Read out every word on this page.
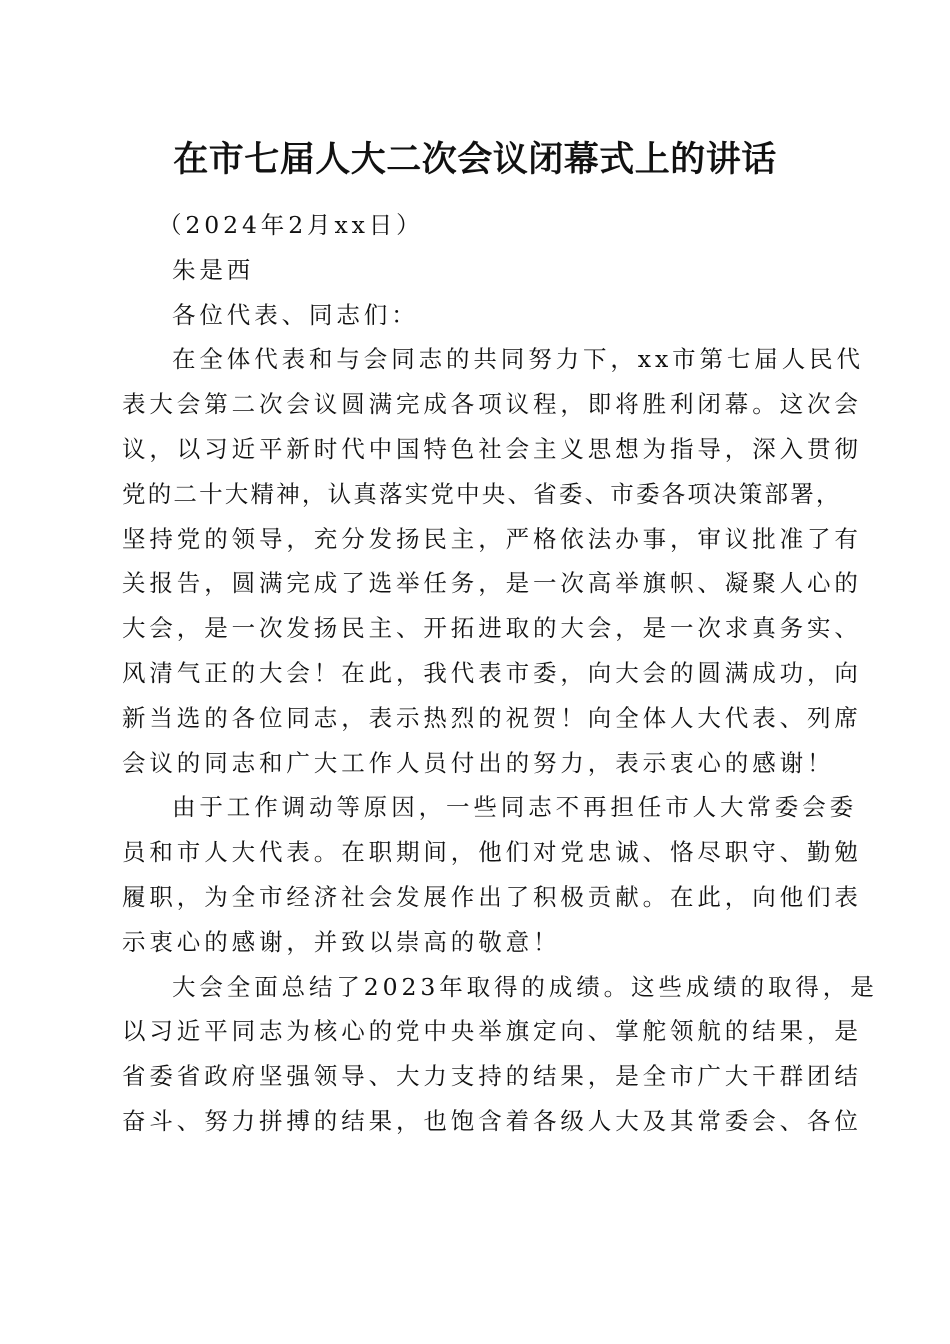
在市七届人大二次会议闭幕式上的讲话

（2024年2月xx日）

朱是西

各位代表、同志们：

在全体代表和与会同志的共同努力下，xx市第七届人民代

表大会第二次会议圆满完成各项议程，即将胜利闭幕。这次会

议，以习近平新时代中国特色社会主义思想为指导，深入贯彻

党的二十大精神，认真落实党中央、省委、市委各项决策部署，

坚持党的领导，充分发扬民主，严格依法办事，审议批准了有

关报告，圆满完成了选举任务，是一次高举旗帜、凝聚人心的

大会，是一次发扬民主、开拓进取的大会，是一次求真务实、

风清气正的大会！在此，我代表市委，向大会的圆满成功，向

新当选的各位同志，表示热烈的祝贺！向全体人大代表、列席

会议的同志和广大工作人员付出的努力，表示衷心的感谢！

由于工作调动等原因，一些同志不再担任市人大常委会委

员和市人大代表。在职期间，他们对党忠诚、恪尽职守、勤勉

履职，为全市经济社会发展作出了积极贡献。在此，向他们表

示衷心的感谢，并致以崇高的敬意！

大会全面总结了2023年取得的成绩。这些成绩的取得，是

以习近平同志为核心的党中央举旗定向、掌舵领航的结果，是

省委省政府坚强领导、大力支持的结果，是全市广大干群团结

奋斗、努力拼搏的结果，也饱含着各级人大及其常委会、各位
